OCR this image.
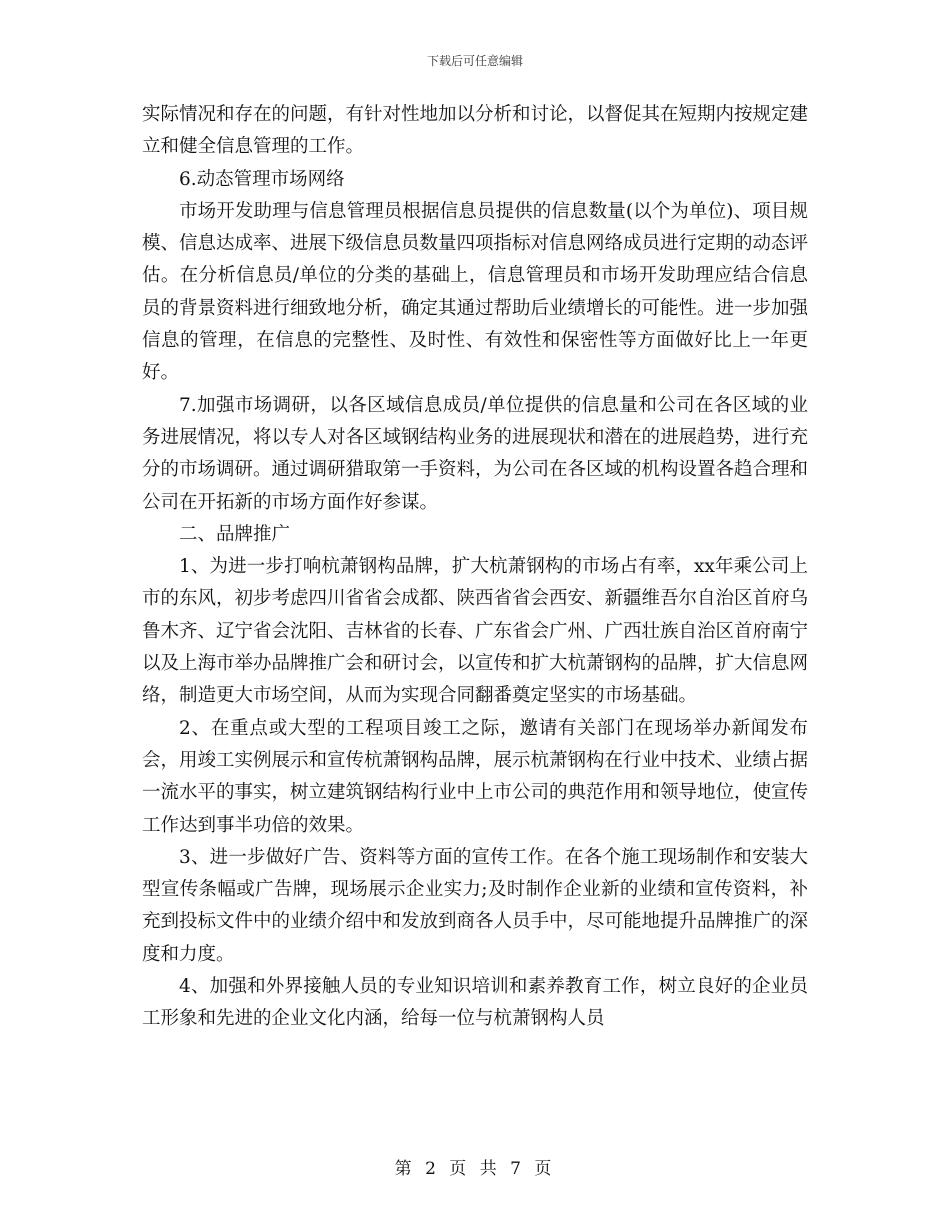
下载后可任意编辑

实际情况和存在的问题，有针对性地加以分析和讨论，以督促其在短期内按规定建立和健全信息管理的工作。

6.动态管理市场网络

市场开发助理与信息管理员根据信息员提供的信息数量(以个为单位)、项目规模、信息达成率、进展下级信息员数量四项指标对信息网络成员进行定期的动态评估。在分析信息员/单位的分类的基础上，信息管理员和市场开发助理应结合信息员的背景资料进行细致地分析，确定其通过帮助后业绩增长的可能性。进一步加强信息的管理，在信息的完整性、及时性、有效性和保密性等方面做好比上一年更好。

7.加强市场调研，以各区域信息成员/单位提供的信息量和公司在各区域的业务进展情况，将以专人对各区域钢结构业务的进展现状和潜在的进展趋势，进行充分的市场调研。通过调研猎取第一手资料，为公司在各区域的机构设置各趋合理和公司在开拓新的市场方面作好参谋。

二、品牌推广

1、为进一步打响杭萧钢构品牌，扩大杭萧钢构的市场占有率，xx年乘公司上市的东风，初步考虑四川省省会成都、陕西省省会西安、新疆维吾尔自治区首府乌鲁木齐、辽宁省会沈阳、吉林省的长春、广东省会广州、广西壮族自治区首府南宁以及上海市举办品牌推广会和研讨会，以宣传和扩大杭萧钢构的品牌，扩大信息网络，制造更大市场空间，从而为实现合同翻番奠定坚实的市场基础。

2、在重点或大型的工程项目竣工之际，邀请有关部门在现场举办新闻发布会，用竣工实例展示和宣传杭萧钢构品牌，展示杭萧钢构在行业中技术、业绩占据一流水平的事实，树立建筑钢结构行业中上市公司的典范作用和领导地位，使宣传工作达到事半功倍的效果。

3、进一步做好广告、资料等方面的宣传工作。在各个施工现场制作和安装大型宣传条幅或广告牌，现场展示企业实力;及时制作企业新的业绩和宣传资料，补充到投标文件中的业绩介绍中和发放到商各人员手中，尽可能地提升品牌推广的深度和力度。

4、加强和外界接触人员的专业知识培训和素养教育工作，树立良好的企业员工形象和先进的企业文化内涵，给每一位与杭萧钢构人员

第 2 页 共 7 页
